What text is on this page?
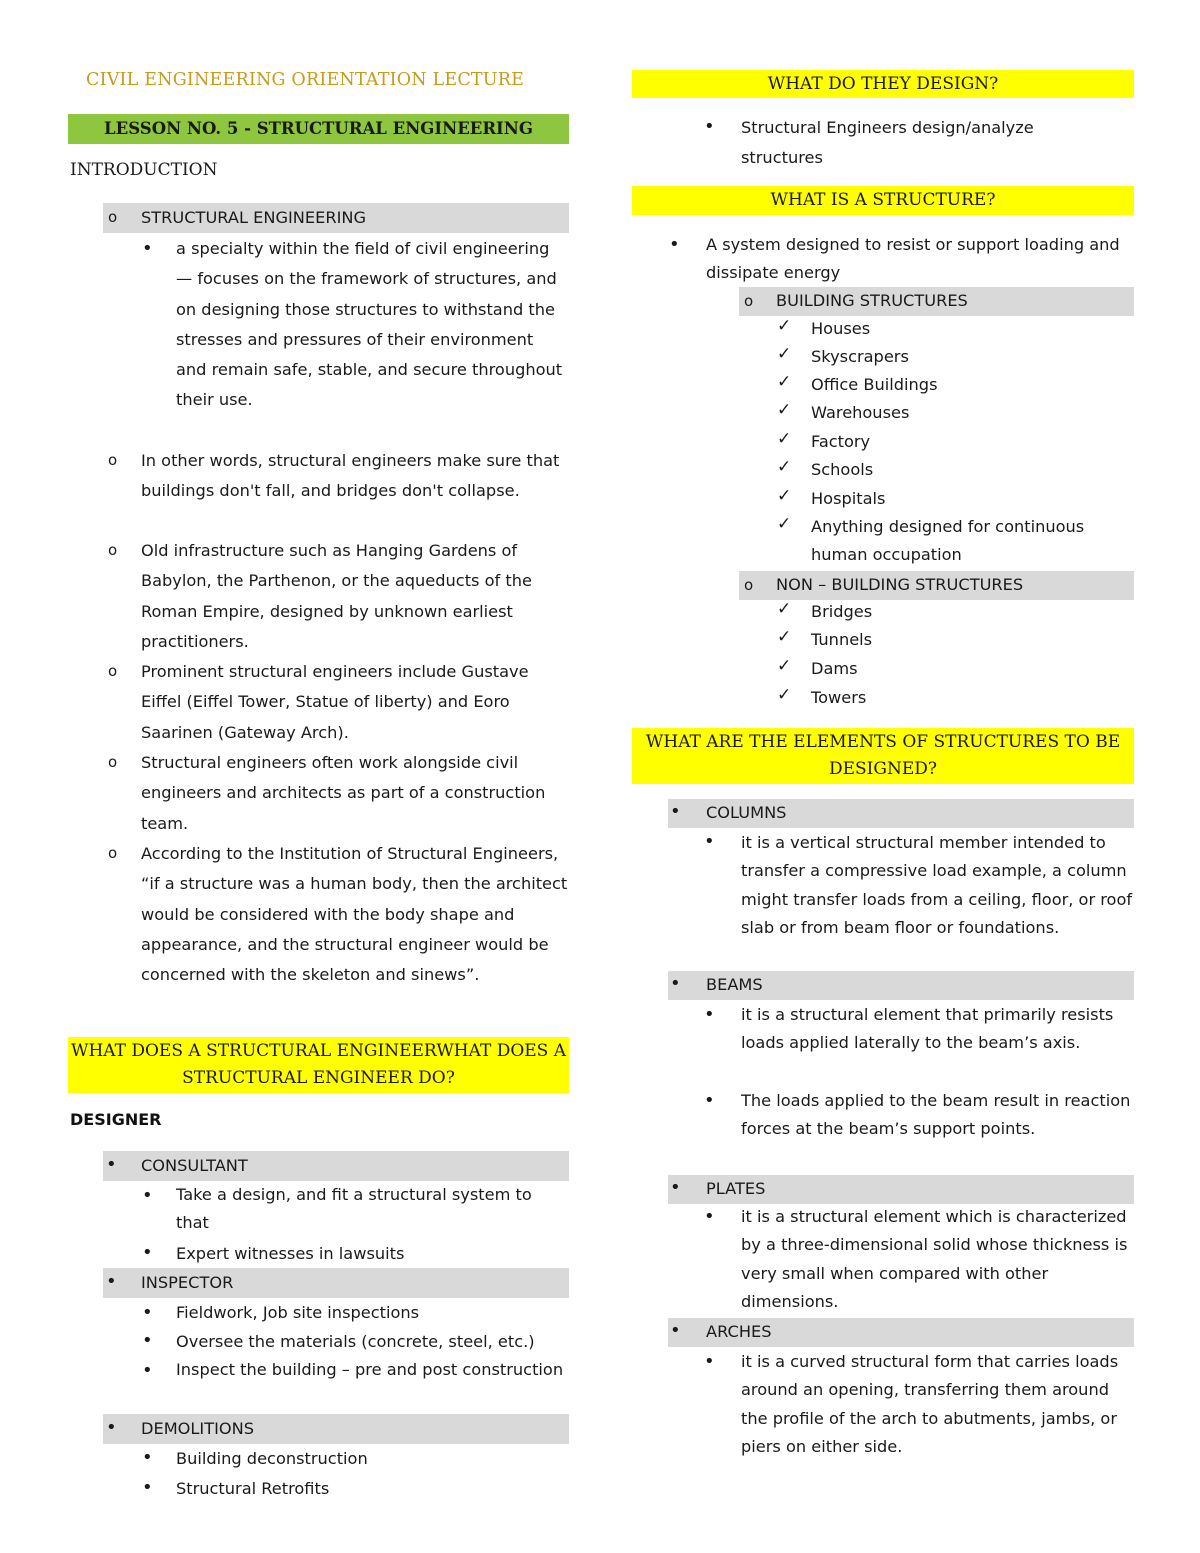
CIVIL ENGINEERING ORIENTATION LECTURE
LESSON NO. 5 - STRUCTURAL ENGINEERING
INTRODUCTION
o STRUCTURAL ENGINEERING
• a specialty within the field of civil engineering — focuses on the framework of structures, and on designing those structures to withstand the stresses and pressures of their environment and remain safe, stable, and secure throughout their use.
o In other words, structural engineers make sure that buildings don't fall, and bridges don't collapse.
o Old infrastructure such as Hanging Gardens of Babylon, the Parthenon, or the aqueducts of the Roman Empire, designed by unknown earliest practitioners.
o Prominent structural engineers include Gustave Eiffel (Eiffel Tower, Statue of liberty) and Eoro Saarinen (Gateway Arch).
o Structural engineers often work alongside civil engineers and architects as part of a construction team.
o According to the Institution of Structural Engineers, “if a structure was a human body, then the architect would be considered with the body shape and appearance, and the structural engineer would be concerned with the skeleton and sinews”.
WHAT DOES A STRUCTURAL ENGINEERWHAT DOES A STRUCTURAL ENGINEER DO?
DESIGNER
• CONSULTANT
• Take a design, and fit a structural system to that
• Expert witnesses in lawsuits
• INSPECTOR
• Fieldwork, Job site inspections
• Oversee the materials (concrete, steel, etc.)
• Inspect the building – pre and post construction
• DEMOLITIONS
• Building deconstruction
• Structural Retrofits
WHAT DO THEY DESIGN?
• Structural Engineers design/analyze structures
WHAT IS A STRUCTURE?
• A system designed to resist or support loading and dissipate energy
o BUILDING STRUCTURES
✓ Houses
✓ Skyscrapers
✓ Office Buildings
✓ Warehouses
✓ Factory
✓ Schools
✓ Hospitals
✓ Anything designed for continuous human occupation
o NON – BUILDING STRUCTURES
✓ Bridges
✓ Tunnels
✓ Dams
✓ Towers
WHAT ARE THE ELEMENTS OF STRUCTURES TO BE DESIGNED?
• COLUMNS
• it is a vertical structural member intended to transfer a compressive load example, a column might transfer loads from a ceiling, floor, or roof slab or from beam floor or foundations.
• BEAMS
• it is a structural element that primarily resists loads applied laterally to the beam’s axis.
• The loads applied to the beam result in reaction forces at the beam’s support points.
• PLATES
• it is a structural element which is characterized by a three-dimensional solid whose thickness is very small when compared with other dimensions.
• ARCHES
• it is a curved structural form that carries loads around an opening, transferring them around the profile of the arch to abutments, jambs, or piers on either side.
